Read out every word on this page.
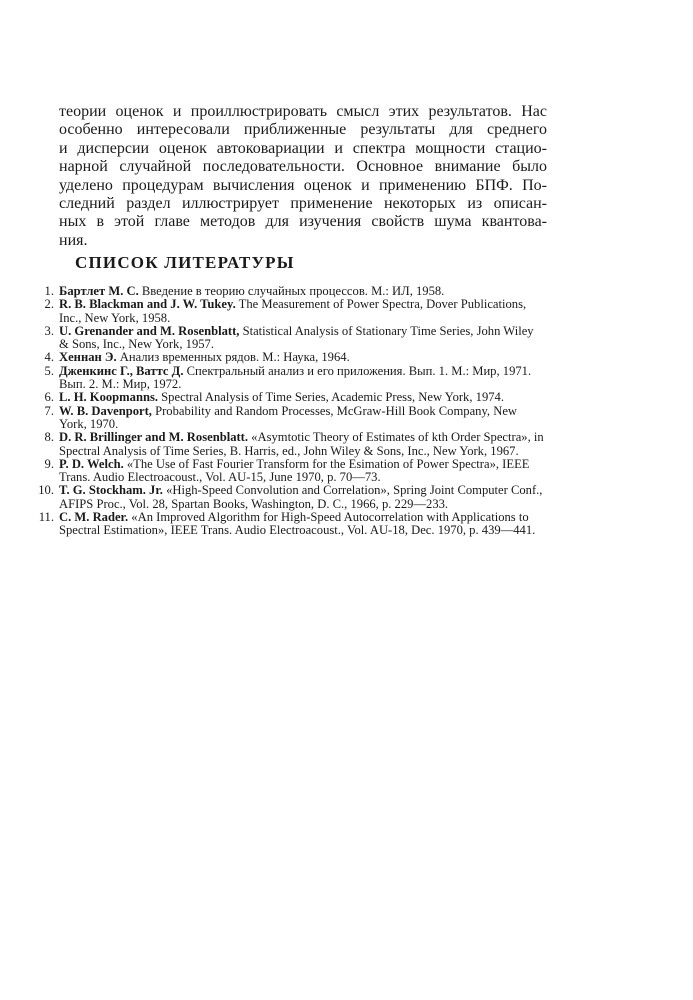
теории оценок и проиллюстрировать смысл этих результатов. Нас
особенно интересовали приближенные результаты для среднего
и дисперсии оценок автоковариации и спектра мощности стацио-
нарной случайной последовательности. Основное внимание было
уделено процедурам вычисления оценок и применению БПФ. По-
следний раздел иллюстрирует применение некоторых из описан-
ных в этой главе методов для изучения свойств шума квантова-
ния.
СПИСОК ЛИТЕРАТУРЫ
1. Бартлет М. С. Введение в теорию случайных процессов. М.: ИЛ, 1958.
2. R. B. Blackman and J. W. Tukey. The Measurement of Power Spectra, Dover Publications, Inc., New York, 1958.
3. U. Grenander and M. Rosenblatt, Statistical Analysis of Stationary Time Series, John Wiley & Sons, Inc., New York, 1957.
4. Хеннан Э. Анализ временных рядов. М.: Наука, 1964.
5. Дженкинс Г., Ваттс Д. Спектральный анализ и его приложения. Вып. 1. М.: Мир, 1971. Вып. 2. М.: Мир, 1972.
6. L. H. Koopmanns. Spectral Analysis of Time Series, Academic Press, New York, 1974.
7. W. B. Davenport, Probability and Random Processes, McGraw-Hill Book Company, New York, 1970.
8. D. R. Brillinger and M. Rosenblatt. «Asymtotic Theory of Estimates of kth Order Spectra», in Spectral Analysis of Time Series, B. Harris, ed., John Wiley & Sons, Inc., New York, 1967.
9. P. D. Welch. «The Use of Fast Fourier Transform for the Esimation of Power Spectra», IEEE Trans. Audio Electroacoust., Vol. AU-15, June 1970, p. 70—73.
10. T. G. Stockham. Jr. «High-Speed Convolution and Correlation», Spring Joint Computer Conf., AFIPS Proc., Vol. 28, Spartan Books, Washington, D. C., 1966, p. 229—233.
11. C. M. Rader. «An Improved Algorithm for High-Speed Autocorrelation with Applications to Spectral Estimation», IEEE Trans. Audio Electroacoust., Vol. AU-18, Dec. 1970, p. 439—441.
